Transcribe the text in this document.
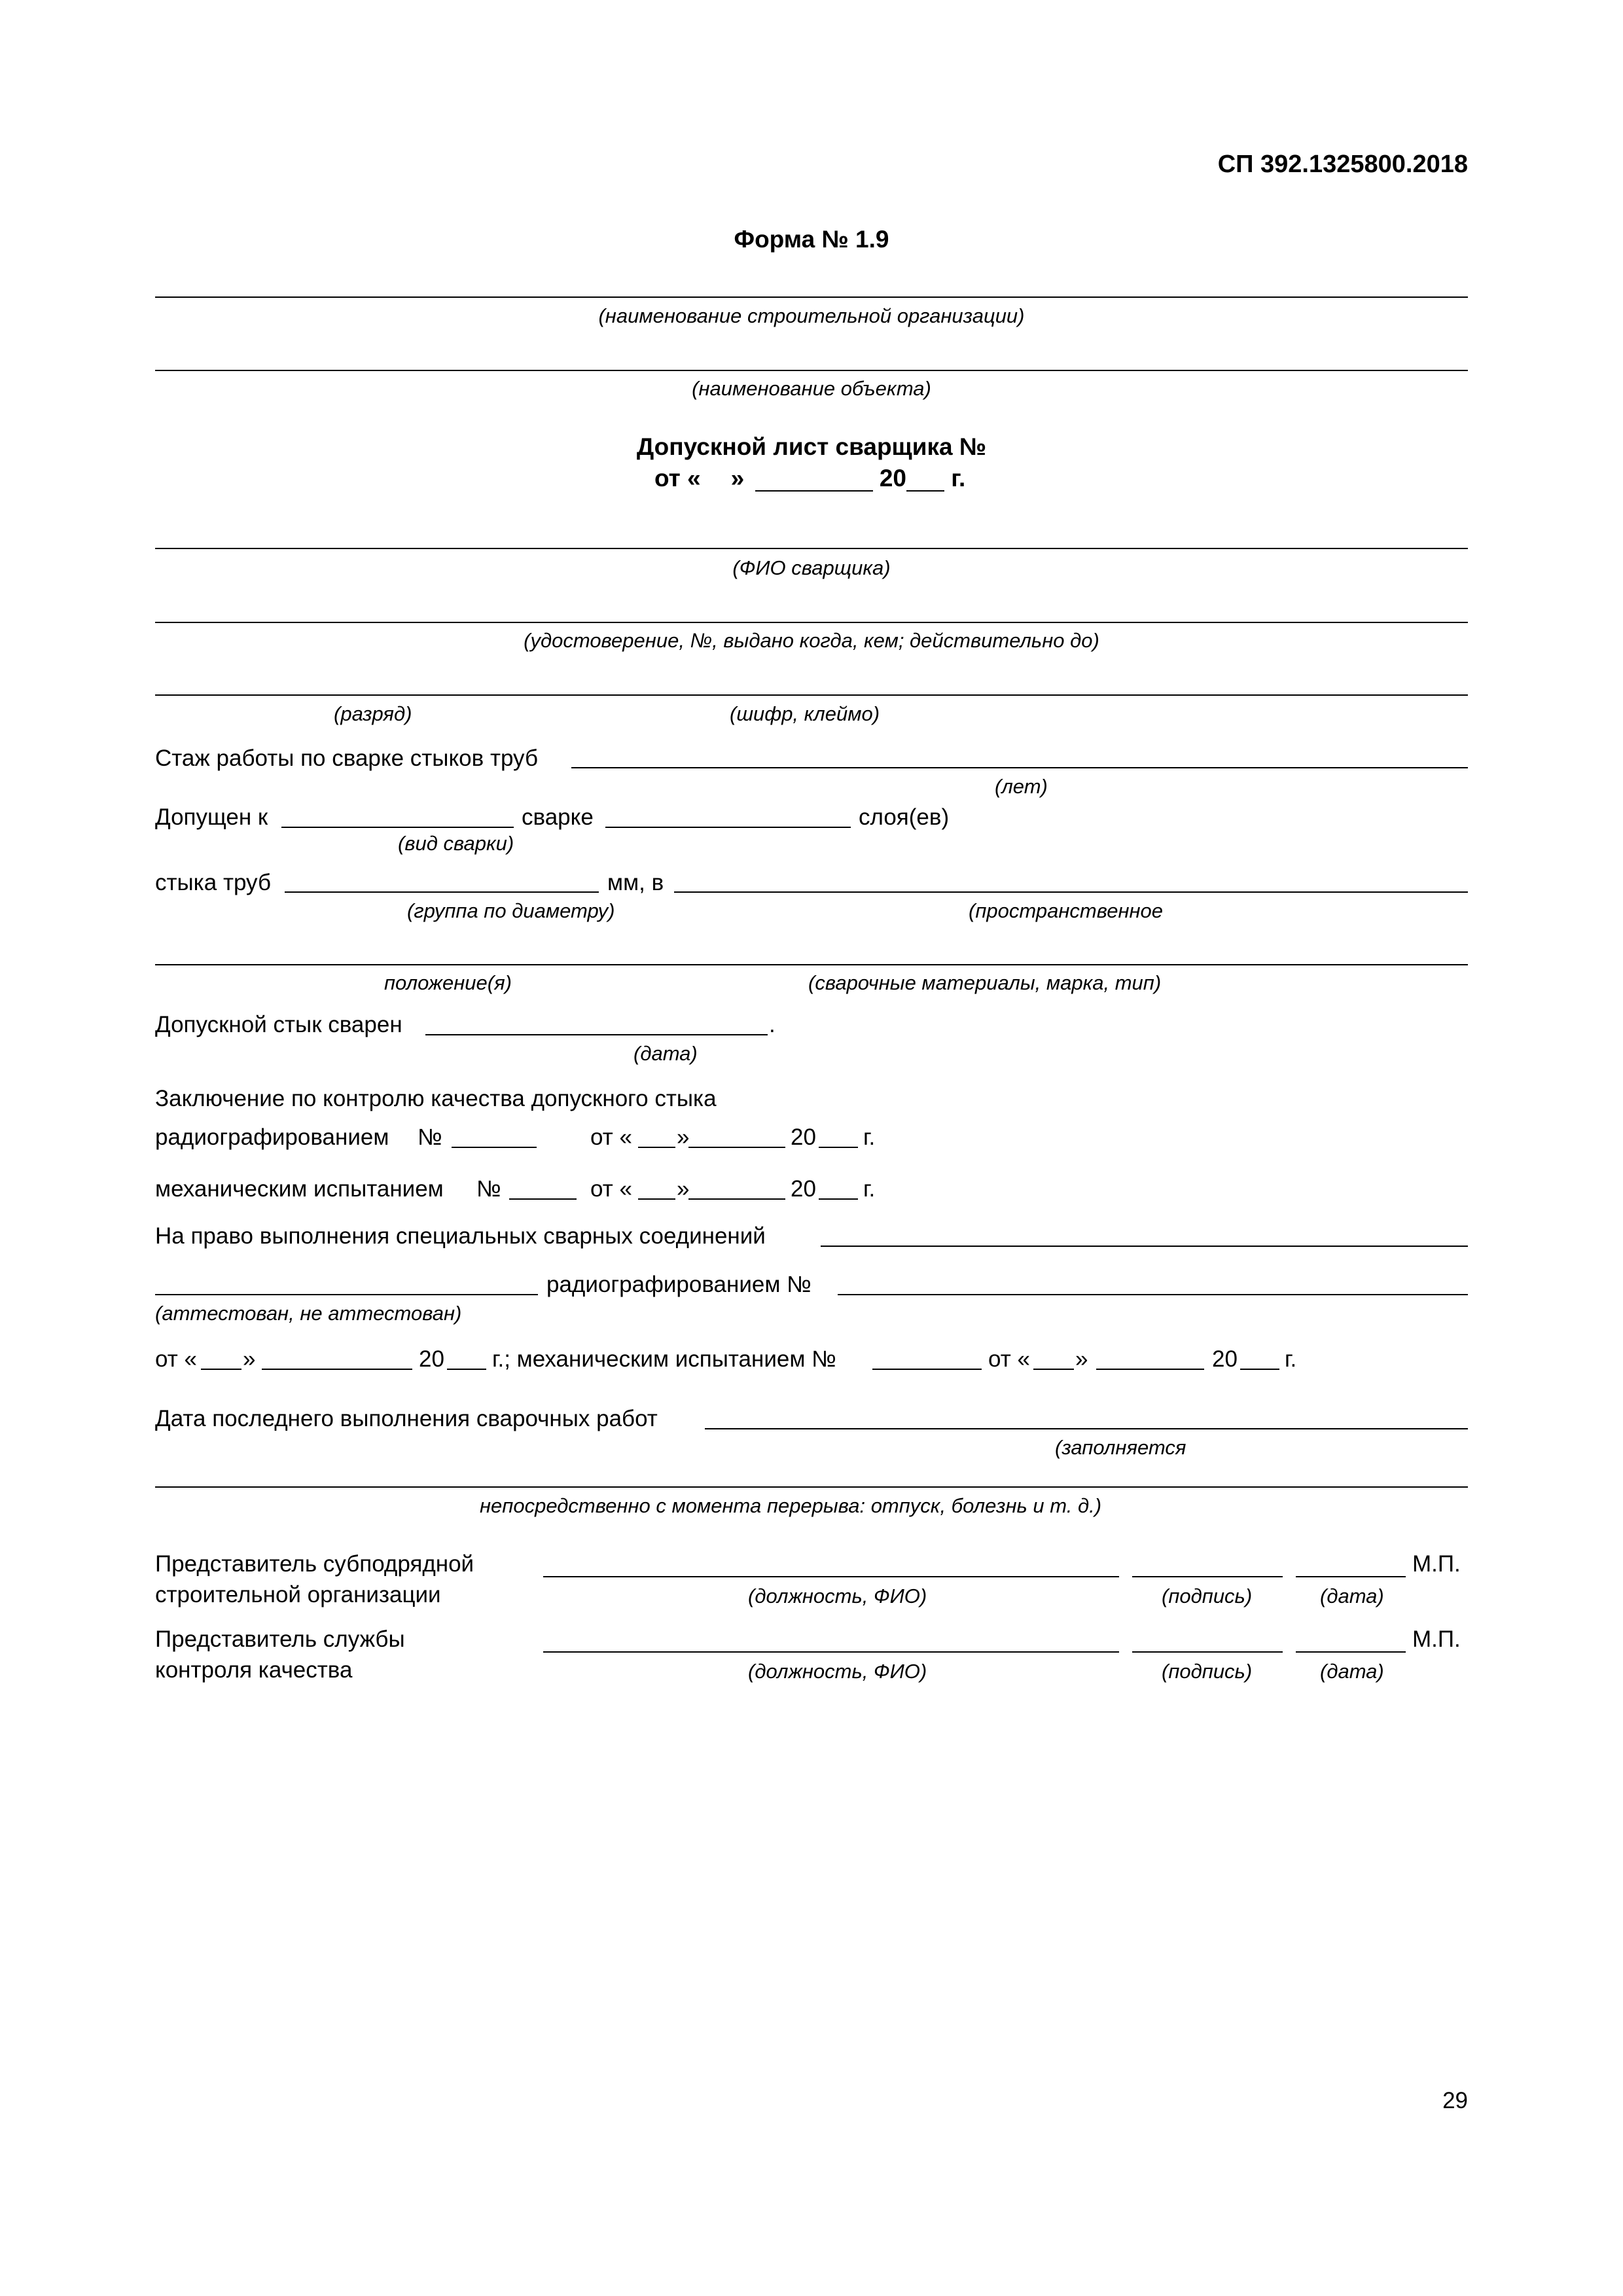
СП 392.1325800.2018
Форма № 1.9
(наименование строительной организации)
(наименование объекта)
Допускной лист сварщика №
от « »	20 г.
(ФИО сварщика)
(удостоверение, №, выдано когда, кем; действительно до)
(разряд)	(шифр, клеймо)
Стаж работы по сварке стыков труб
(лет)
Допущен к	сварке	слоя(ев)
(вид сварки)
стыка труб	мм, в
(группа по диаметру)	(пространственное
положение(я)	(сварочные материалы, марка, тип)
Допускной стык сварен	.
(дата)
Заключение по контролю качества допускного стыка
радиографированием №	от « »	20 г.
механическим испытанием №	от « »	20 г.
На право выполнения специальных сварных соединений
радиографированием №
(аттестован, не аттестован)
от « »	20 г.; механическим испытанием №	от « »	20 г.
Дата последнего выполнения сварочных работ
(заполняется
непосредственно с момента перерыва: отпуск, болезнь и т. д.)
Представитель субподрядной
строительной организации
М.П.
(должность, ФИО)	(подпись)	(дата)
Представитель службы
контроля качества
М.П.
(должность, ФИО)	(подпись)	(дата)
29
